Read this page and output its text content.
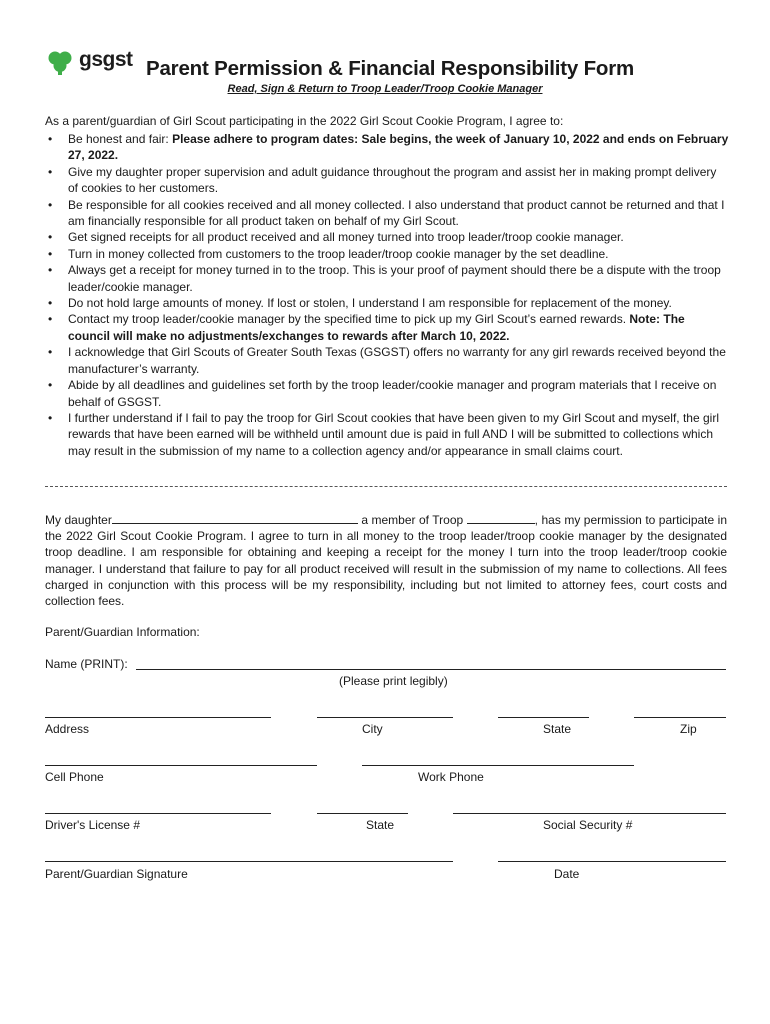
gsgst Parent Permission & Financial Responsibility Form
Read, Sign & Return to Troop Leader/Troop Cookie Manager
As a parent/guardian of Girl Scout participating in the 2022 Girl Scout Cookie Program, I agree to:
• Be honest and fair: Please adhere to program dates: Sale begins, the week of January 10, 2022 and ends on February 27, 2022.
• Give my daughter proper supervision and adult guidance throughout the program and assist her in making prompt delivery of cookies to her customers.
• Be responsible for all cookies received and all money collected. I also understand that product cannot be returned and that I am financially responsible for all product taken on behalf of my Girl Scout.
• Get signed receipts for all product received and all money turned into troop leader/troop cookie manager.
• Turn in money collected from customers to the troop leader/troop cookie manager by the set deadline.
• Always get a receipt for money turned in to the troop. This is your proof of payment should there be a dispute with the troop leader/cookie manager.
• Do not hold large amounts of money. If lost or stolen, I understand I am responsible for replacement of the money.
• Contact my troop leader/cookie manager by the specified time to pick up my Girl Scout’s earned rewards. Note: The council will make no adjustments/exchanges to rewards after March 10, 2022.
• I acknowledge that Girl Scouts of Greater South Texas (GSGST) offers no warranty for any girl rewards received beyond the manufacturer’s warranty.
• Abide by all deadlines and guidelines set forth by the troop leader/cookie manager and program materials that I receive on behalf of GSGST.
• I further understand if I fail to pay the troop for Girl Scout cookies that have been given to my Girl Scout and myself, the girl rewards that have been earned will be withheld until amount due is paid in full AND I will be submitted to collections which may result in the submission of my name to a collection agency and/or appearance in small claims court.
My daughter	a member of Troop	, has my permission to participate in the 2022 Girl Scout Cookie Program. I agree to turn in all money to the troop leader/troop cookie manager by the designated troop deadline. I am responsible for obtaining and keeping a receipt for the money I turn into the troop leader/troop cookie manager. I understand that failure to pay for all product received will result in the submission of my name to collections. All fees charged in conjunction with this process will be my responsibility, including but not limited to attorney fees, court costs and collection fees.
Parent/Guardian Information:
Name (PRINT):
(Please print legibly)
Address	City	State	Zip
Cell Phone	Work Phone
Driver's License #	State	Social Security #
Parent/Guardian Signature	Date
